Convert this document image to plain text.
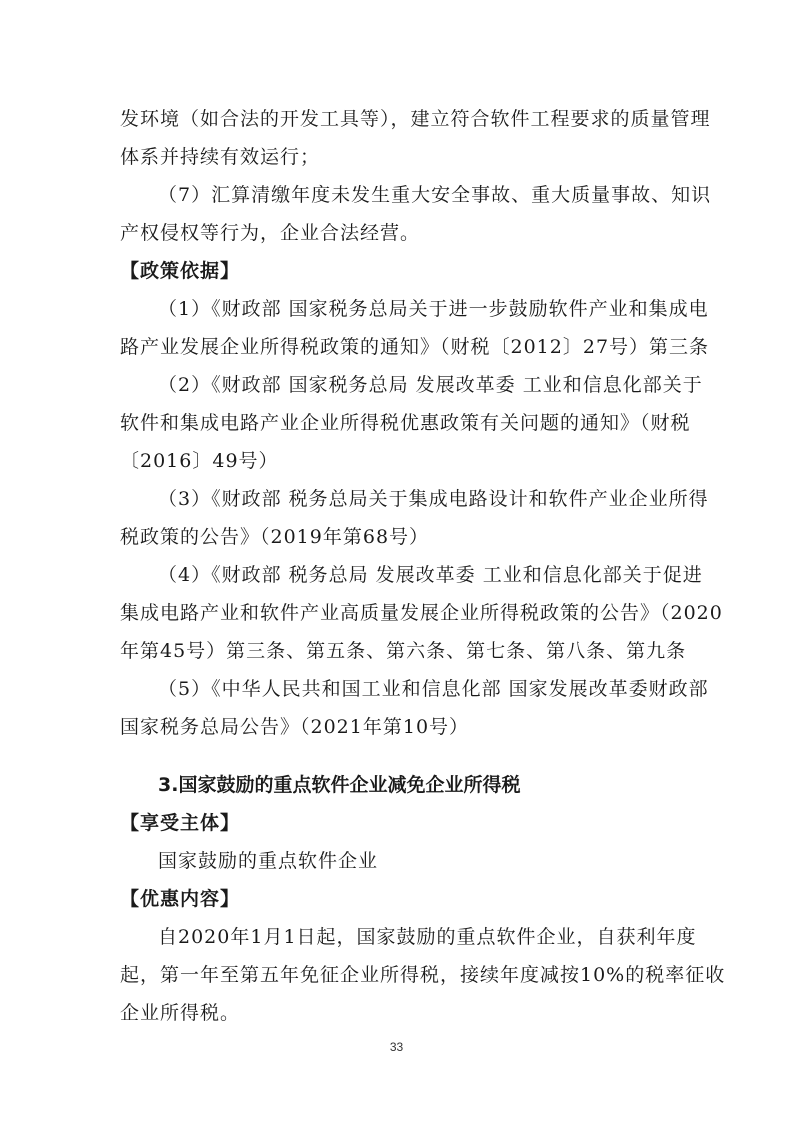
发环境（如合法的开发工具等），建立符合软件工程要求的质量管理
体系并持续有效运行；
（7）汇算清缴年度未发生重大安全事故、重大质量事故、知识
产权侵权等行为，企业合法经营。
【政策依据】
（1）《财政部 国家税务总局关于进一步鼓励软件产业和集成电
路产业发展企业所得税政策的通知》（财税〔2012〕27号）第三条
（2）《财政部 国家税务总局 发展改革委 工业和信息化部关于
软件和集成电路产业企业所得税优惠政策有关问题的通知》（财税
〔2016〕49号）
（3）《财政部 税务总局关于集成电路设计和软件产业企业所得
税政策的公告》（2019年第68号）
（4）《财政部 税务总局 发展改革委 工业和信息化部关于促进
集成电路产业和软件产业高质量发展企业所得税政策的公告》（2020
年第45号）第三条、第五条、第六条、第七条、第八条、第九条
（5）《中华人民共和国工业和信息化部 国家发展改革委财政部
国家税务总局公告》（2021年第10号）
3.国家鼓励的重点软件企业减免企业所得税
【享受主体】
国家鼓励的重点软件企业
【优惠内容】
自2020年1月1日起，国家鼓励的重点软件企业，自获利年度
起，第一年至第五年免征企业所得税，接续年度减按10%的税率征收
企业所得税。
33
